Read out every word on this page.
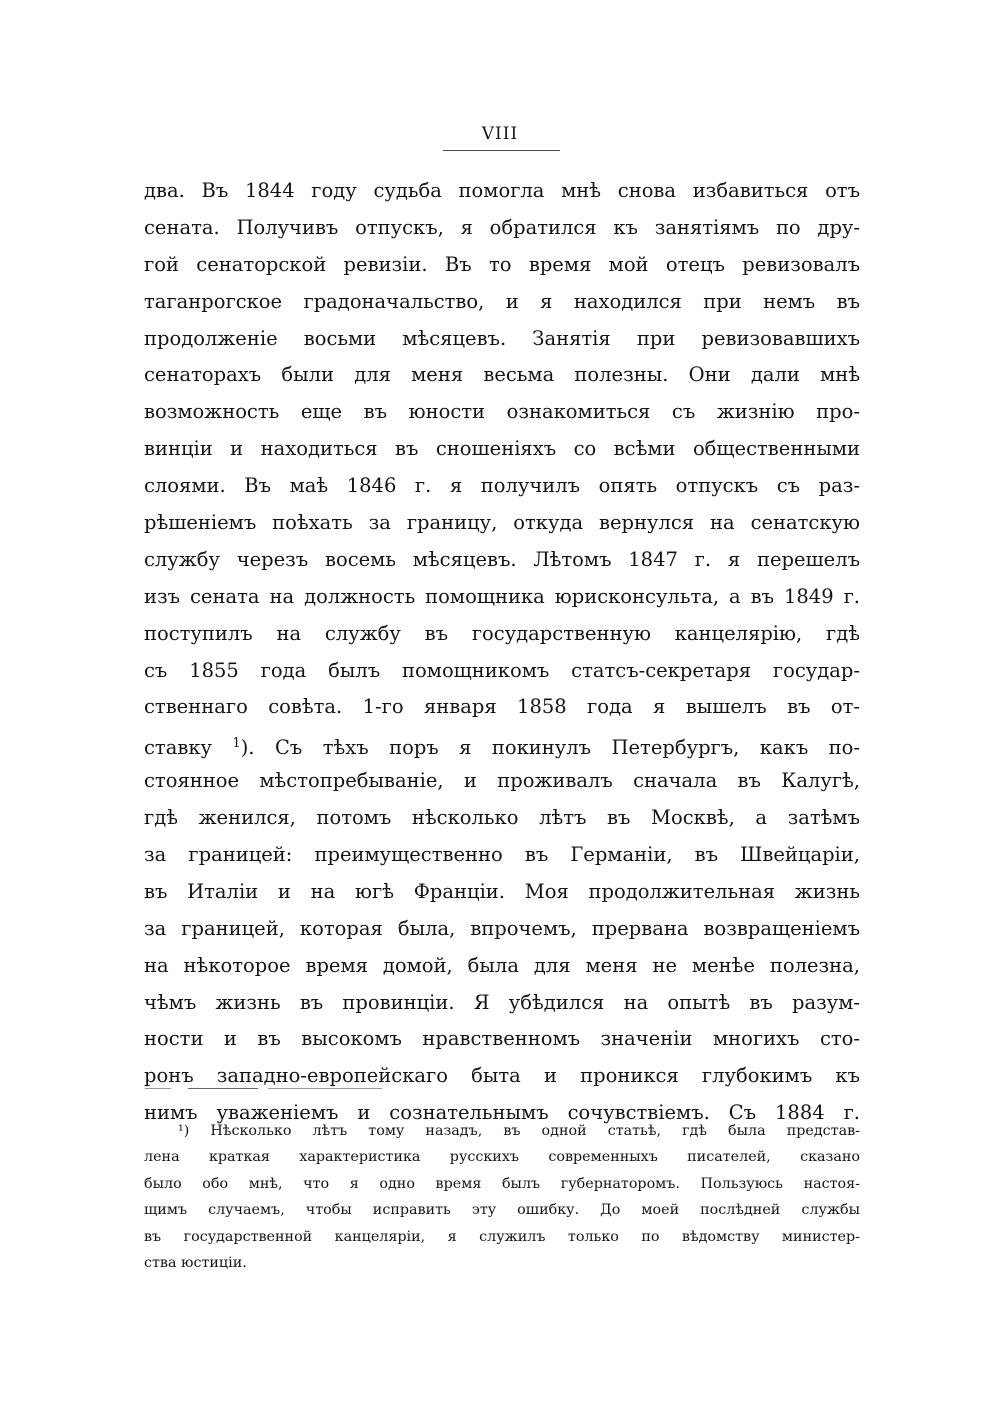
VIII
два. Въ 1844 году судьба помогла мнѣ снова избавиться отъ
сената. Получивъ отпускъ, я обратился къ занятіямъ по дру-
гой сенаторской ревизіи. Въ то время мой отецъ ревизовалъ
таганрогское градоначальство, и я находился при немъ въ
продолженіе восьми мѣсяцевъ. Занятія при ревизовавшихъ
сенаторахъ были для меня весьма полезны. Они дали мнѣ
возможность еще въ юности ознакомиться съ жизнію про-
винціи и находиться въ сношеніяхъ со всѣми общественными
слоями. Въ маѣ 1846 г. я получилъ опять отпускъ съ раз-
рѣшеніемъ поѣхать за границу, откуда вернулся на сенатскую
службу черезъ восемь мѣсяцевъ. Лѣтомъ 1847 г. я перешелъ
изъ сената на должность помощника юрисконсульта, а въ 1849 г.
поступилъ на службу въ государственную канцелярію, гдѣ
съ 1855 года былъ помощникомъ статсъ-секретаря государ-
ственнаго совѣта. 1-го января 1858 года я вышелъ въ от-
ставку $^1$). Съ тѣхъ поръ я покинулъ Петербургъ, какъ по-
стоянное мѣстопребываніе, и проживалъ сначала въ Калугѣ,
гдѣ женился, потомъ нѣсколько лѣтъ въ Москвѣ, а затѣмъ
за границей: преимущественно въ Германіи, въ Швейцаріи,
въ Италіи и на югѣ Франціи. Моя продолжительная жизнь
за границей, которая была, впрочемъ, прервана возвращеніемъ
на нѣкоторое время домой, была для меня не менѣе полезна,
чѣмъ жизнь въ провинціи. Я убѣдился на опытѣ въ разум-
ности и въ высокомъ нравственномъ значеніи многихъ сто-
ронъ западно-европейскаго быта и проникся глубокимъ къ
нимъ уваженіемъ и сознательнымъ сочувствіемъ. Съ 1884 г.
¹) Нѣсколько лѣтъ тому назадъ, въ одной статьѣ, гдѣ была представ-
лена краткая характеристика русскихъ современныхъ писателей, сказано
было обо мнѣ, что я одно время былъ губернаторомъ. Пользуюсь настоя-
щимъ случаемъ, чтобы исправить эту ошибку. До моей послѣдней службы
въ государственной канцеляріи, я служилъ только по вѣдомству министер-
ства юстиціи.
